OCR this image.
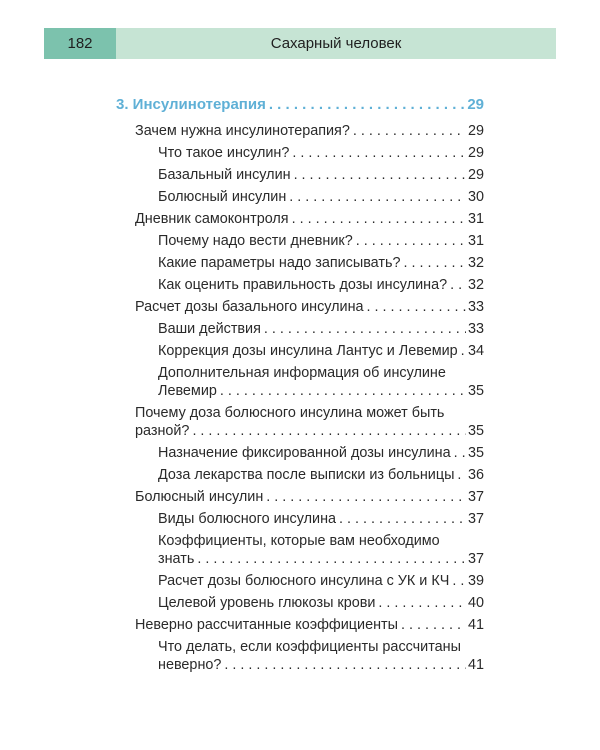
182	Сахарный человек
3. Инсулинотерапия . . .	29
Зачем нужна инсулинотерапия? . . .	29
Что такое инсулин? . . .	29
Базальный инсулин . . .	29
Болюсный инсулин . . .	30
Дневник самоконтроля . . .	31
Почему надо вести дневник? . . .	31
Какие параметры надо записывать? . . .	32
Как оценить правильность дозы инсулина? . . . 32
Расчет дозы базального инсулина . . .	33
Ваши действия . . .	33
Коррекция дозы инсулина Лантус и Левемир . . . 34
Дополнительная информация об инсулине
Левемир . . .	35
Почему доза болюсного инсулина может быть
разной? . . .	35
Назначение фиксированной дозы инсулина . . . 35
Доза лекарства после выписки из больницы . . . 36
Болюсный инсулин . . .	37
Виды болюсного инсулина . . .	37
Коэффициенты, которые вам необходимо
знать . . .	37
Расчет дозы болюсного инсулина с УК и КЧ . . . 39
Целевой уровень глюкозы крови . . .	40
Неверно рассчитанные коэффициенты . . .	41
Что делать, если коэффициенты рассчитаны
неверно? . . .	41
